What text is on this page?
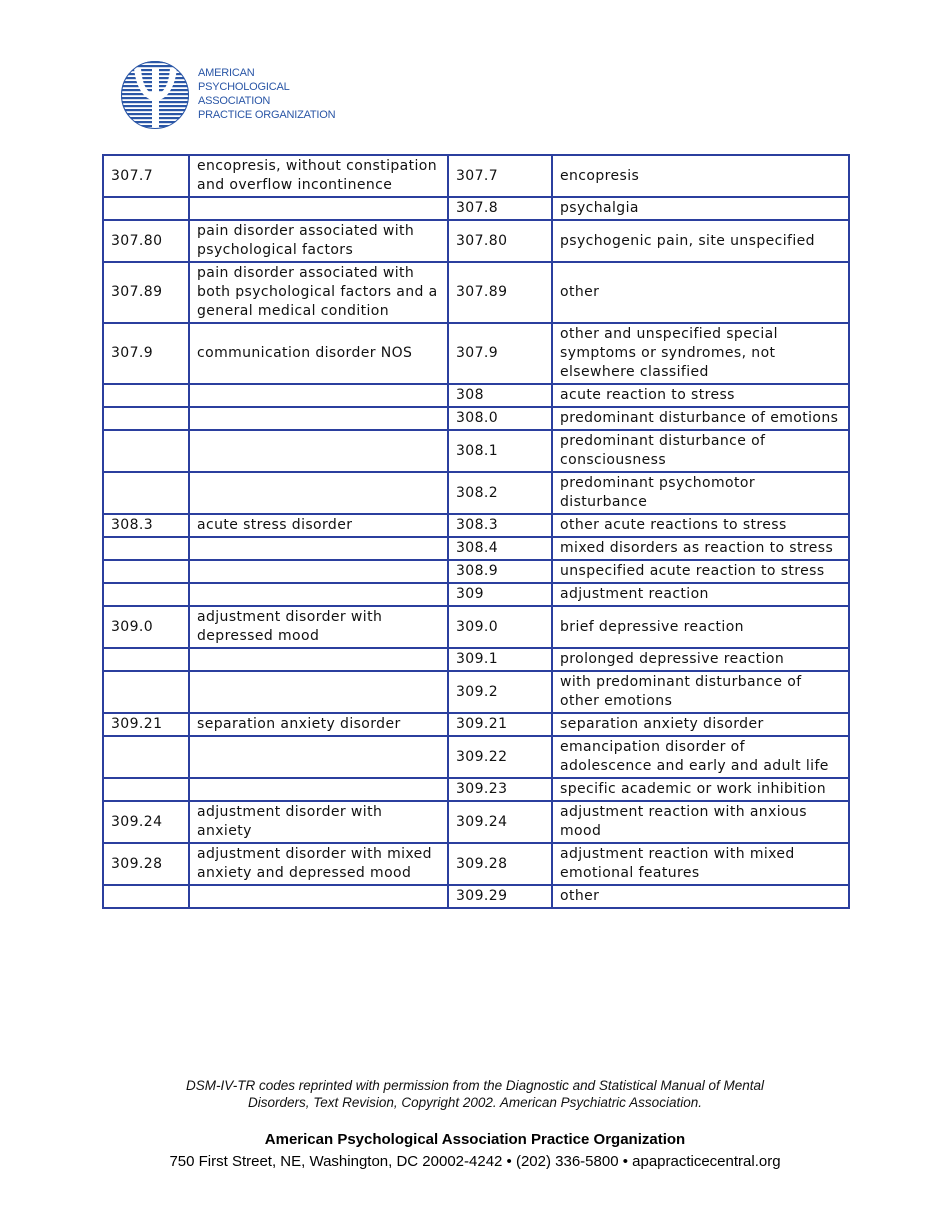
AMERICAN
PSYCHOLOGICAL
ASSOCIATION
PRACTICE ORGANIZATION
307.7	encopresis, without constipation and overflow incontinence	307.7	encopresis
		307.8	psychalgia
307.80	pain disorder associated with psychological factors	307.80	psychogenic pain, site unspecified
307.89	pain disorder associated with both psychological factors and a general medical condition	307.89	other
307.9	communication disorder NOS	307.9	other and unspecified special symptoms or syndromes, not elsewhere classified
		308	acute reaction to stress
		308.0	predominant disturbance of emotions
		308.1	predominant disturbance of consciousness
		308.2	predominant psychomotor disturbance
308.3	acute stress disorder	308.3	other acute reactions to stress
		308.4	mixed disorders as reaction to stress
		308.9	unspecified acute reaction to stress
		309	adjustment reaction
309.0	adjustment disorder with depressed mood	309.0	brief depressive reaction
		309.1	prolonged depressive reaction
		309.2	with predominant disturbance of other emotions
309.21	separation anxiety disorder	309.21	separation anxiety disorder
		309.22	emancipation disorder of adolescence and early and adult life
		309.23	specific academic or work inhibition
309.24	adjustment disorder with anxiety	309.24	adjustment reaction with anxious mood
309.28	adjustment disorder with mixed anxiety and depressed mood	309.28	adjustment reaction with mixed emotional features
		309.29	other
DSM-IV-TR codes reprinted with permission from the Diagnostic and Statistical Manual of Mental
Disorders, Text Revision, Copyright 2002. American Psychiatric Association.
American Psychological Association Practice Organization
750 First Street, NE, Washington, DC 20002-4242 • (202) 336-5800 • apapracticecentral.org
